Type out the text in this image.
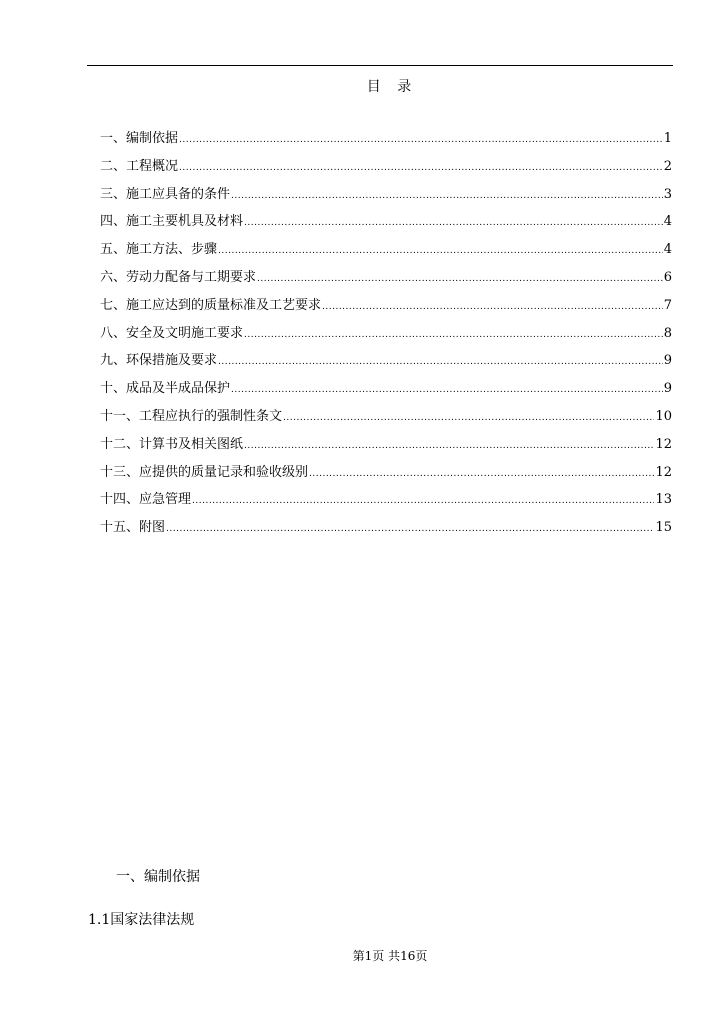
目 录
一、编制依据 .....	1
二、工程概况 .....	2
三、施工应具备的条件 .....	3
四、施工主要机具及材料 .....	4
五、施工方法、步骤 .....	4
六、劳动力配备与工期要求 .....	6
七、施工应达到的质量标准及工艺要求 .....	7
八、安全及文明施工要求 .....	8
九、环保措施及要求 .....	9
十、成品及半成品保护 .....	9
十一、工程应执行的强制性条文 .....	10
十二、计算书及相关图纸 .....	12
十三、应提供的质量记录和验收级别 .....	12
十四、应急管理 .....	13
十五、附图 .....	15
一、编制依据
1.1国家法律法规
第1页 共16页
